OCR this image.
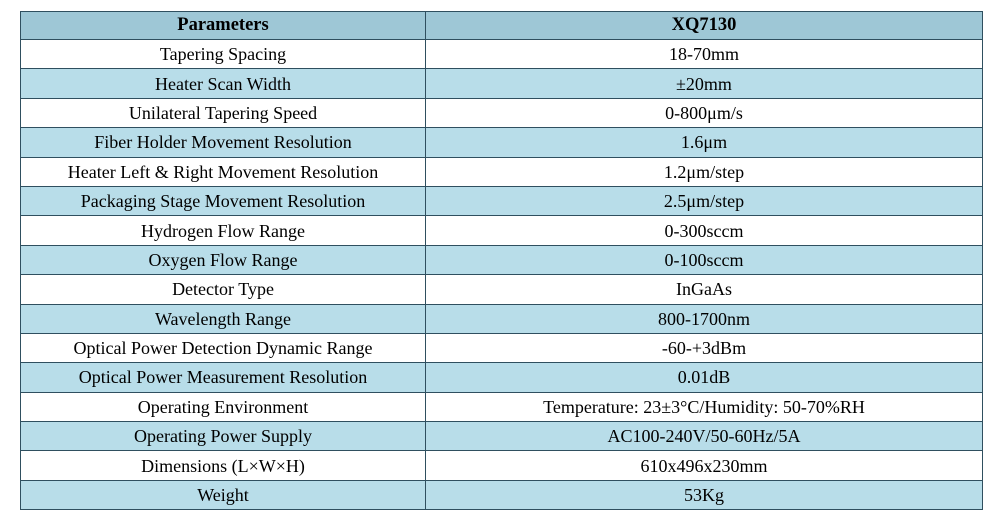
Parameters	XQ7130
Tapering Spacing	18-70mm
Heater Scan Width	±20mm
Unilateral Tapering Speed	0-800μm/s
Fiber Holder Movement Resolution	1.6μm
Heater Left & Right Movement Resolution	1.2μm/step
Packaging Stage Movement Resolution	2.5μm/step
Hydrogen Flow Range	0-300sccm
Oxygen Flow Range	0-100sccm
Detector Type	InGaAs
Wavelength Range	800-1700nm
Optical Power Detection Dynamic Range	-60-+3dBm
Optical Power Measurement Resolution	0.01dB
Operating Environment	Temperature: 23±3°C/Humidity: 50-70%RH
Operating Power Supply	AC100-240V/50-60Hz/5A
Dimensions (L×W×H)	610x496x230mm
Weight	53Kg
